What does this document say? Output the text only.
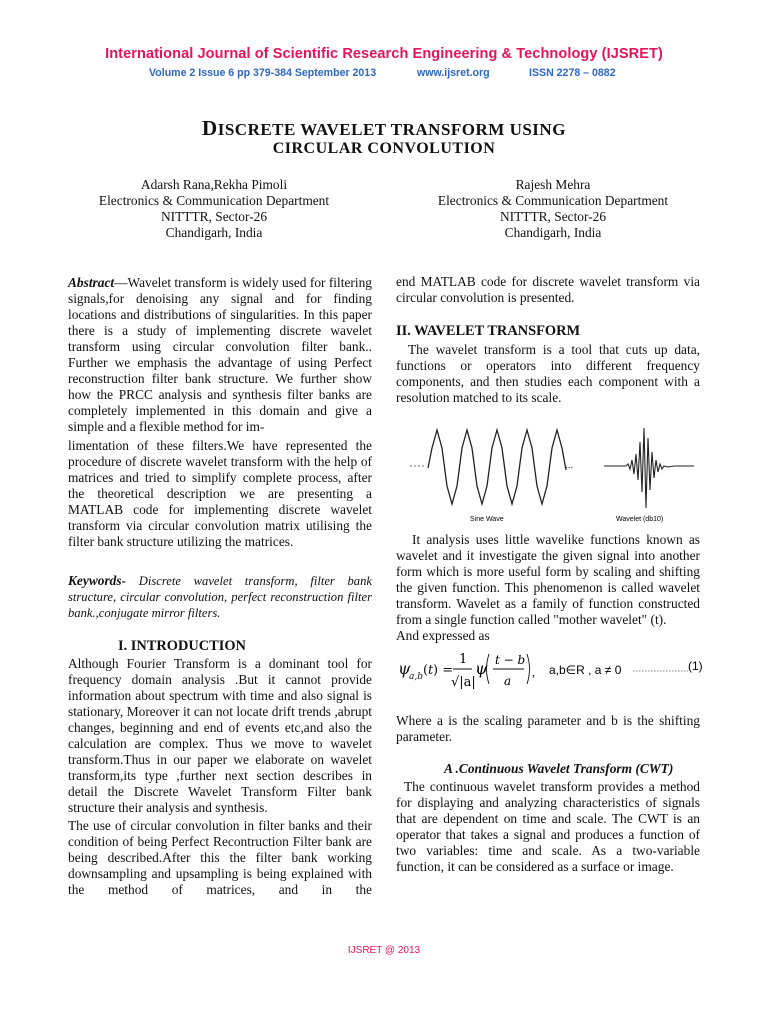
International Journal of Scientific Research Engineering & Technology (IJSRET)
Volume 2 Issue 6 pp 379-384 September 2013	www.ijsret.org	ISSN 2278 – 0882
DISCRETE WAVELET TRANSFORM USING
CIRCULAR CONVOLUTION
Adarsh Rana,Rekha Pimoli
Electronics & Communication Department
NITTTR, Sector-26
Chandigarh, India
Rajesh Mehra
Electronics & Communication Department
NITTTR, Sector-26
Chandigarh, India
Abstract—Wavelet transform is widely used for filtering signals,for denoising any signal and for finding locations and distributions of singularities. In this paper there is a study of implementing discrete wavelet transform using circular convolution filter bank.. Further we emphasis the advantage of using Perfect reconstruction filter bank structure. We further show how the PRCC analysis and synthesis filter banks are completely implemented in this domain and give a simple and a flexible method for im-
limentation of these filters.We have represented the procedure of discrete wavelet transform with the help of matrices and tried to simplify complete process, after the theoretical description we are presenting a MATLAB code for implementing discrete wavelet transform via circular convolution matrix utilising the filter bank structure utilizing the matrices.
Keywords- Discrete wavelet transform, filter bank structure, circular convolution, perfect reconstruction filter bank.,conjugate mirror filters.
I. INTRODUCTION
Although Fourier Transform is a dominant tool for frequency domain analysis .But it cannot provide information about spectrum with time and also signal is stationary, Moreover it can not locate drift trends ,abrupt changes, beginning and end of events etc,and also the calculation are complex. Thus we move to wavelet transform.Thus in our paper we elaborate on wavelet transform,its type ,further next section describes in detail the Discrete Wavelet Transform Filter bank structure their analysis and synthesis.
The use of circular convolution in filter banks and their condition of being Perfect Recontruction Filter bank are being described.After this the filter bank working downsampling and upsampling is being explained with the method of matrices, and in the
end MATLAB code for discrete wavelet transform via circular convolution is presented.
II. WAVELET TRANSFORM
The wavelet transform is a tool that cuts up data, functions or operators into different frequency components, and then studies each component with a resolution matched to its scale.
...
Sine Wave	Wavelet (db10)
It analysis uses little wavelike functions known as wavelet and it investigate the given signal into another form which is more useful form by scaling and shifting the given function. This phenomenon is called wavelet transform. Wavelet as a family of function constructed from a single function called "mother wavelet" (t).
And expressed as
ψ
a,b ( t ) =
1
√|a|
ψ t − b
a
, a,b∈R , a ≠ 0	(1)
Where a is the scaling parameter and b is the shifting parameter.
A .Continuous Wavelet Transform (CWT)
The continuous wavelet transform provides a method for displaying and analyzing characteristics of signals that are dependent on time and scale. The CWT is an operator that takes a signal and produces a function of two variables: time and scale. As a two-variable function, it can be considered as a surface or image.
IJSRET @ 2013
